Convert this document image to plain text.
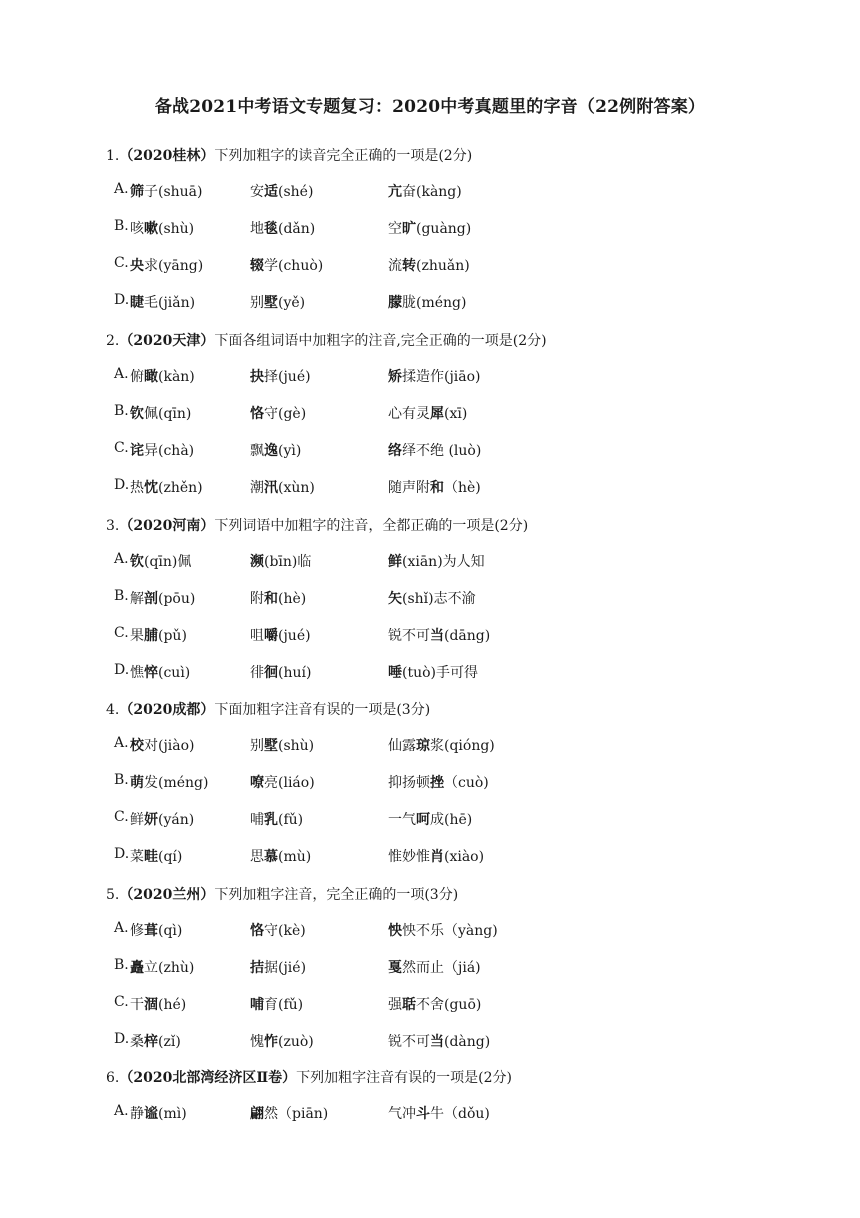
备战2021中考语文专题复习：2020中考真题里的字音（22例附答案）
1.（2020桂林）下列加粗字的读音完全正确的一项是(2分)
A. 筛子(shuā)	安适(shé)	亢奋(kàng)
B. 咳嗽(shù)	地毯(dǎn)	空旷(guàng)
C. 央求(yāng)	辍学(chuò)	流转(zhuǎn)
D. 睫毛(jiǎn)	别墅(yě)	朦胧(méng)
2.（2020天津）下面各组词语中加粗字的注音,完全正确的一项是(2分)
A. 俯瞰(kàn)	抉择(jué)	矫揉造作(jiāo)
B. 钦佩(qīn)	恪守(gè)	心有灵犀(xī)
C. 诧异(chà)	飘逸(yì)	络绎不绝 (luò)
D. 热忱(zhěn)	潮汛(xùn)	随声附和（hè)
3.（2020河南）下列词语中加粗字的注音，全都正确的一项是(2分)
A. 钦(qīn)佩	濒(bīn)临	鲜(xiān)为人知
B. 解剖(pōu)	附和(hè)	矢(shǐ)志不渝
C. 果脯(pǔ)	咀嚼(jué)	锐不可当(dāng)
D. 憔悴(cuì)	徘徊(huí)	唾(tuò)手可得
4.（2020成都）下面加粗字注音有误的一项是(3分)
A. 校对(jiào)	别墅(shù)	仙露琼浆(qióng)
B. 萌发(méng)	嘹亮(liáo)	抑扬顿挫（cuò)
C. 鲜妍(yán)	哺乳(fǔ)	一气呵成(hē)
D. 菜畦(qí)	思慕(mù)	惟妙惟肖(xiào)
5.（2020兰州）下列加粗字注音，完全正确的一项(3分)
A. 修葺(qì)	恪守(kè)	怏怏不乐（yàng)
B. 矗立(zhù)	拮据(jié)	戛然而止（jiá)
C. 干涸(hé)	哺育(fǔ)	强聒不舍(guō)
D. 桑梓(zǐ)	愧怍(zuò)	锐不可当(dàng)
6.（2020北部湾经济区Ⅱ卷）下列加粗字注音有误的一项是(2分)
A. 静谧(mì)	翩然（piān)	气冲斗牛（dǒu)
